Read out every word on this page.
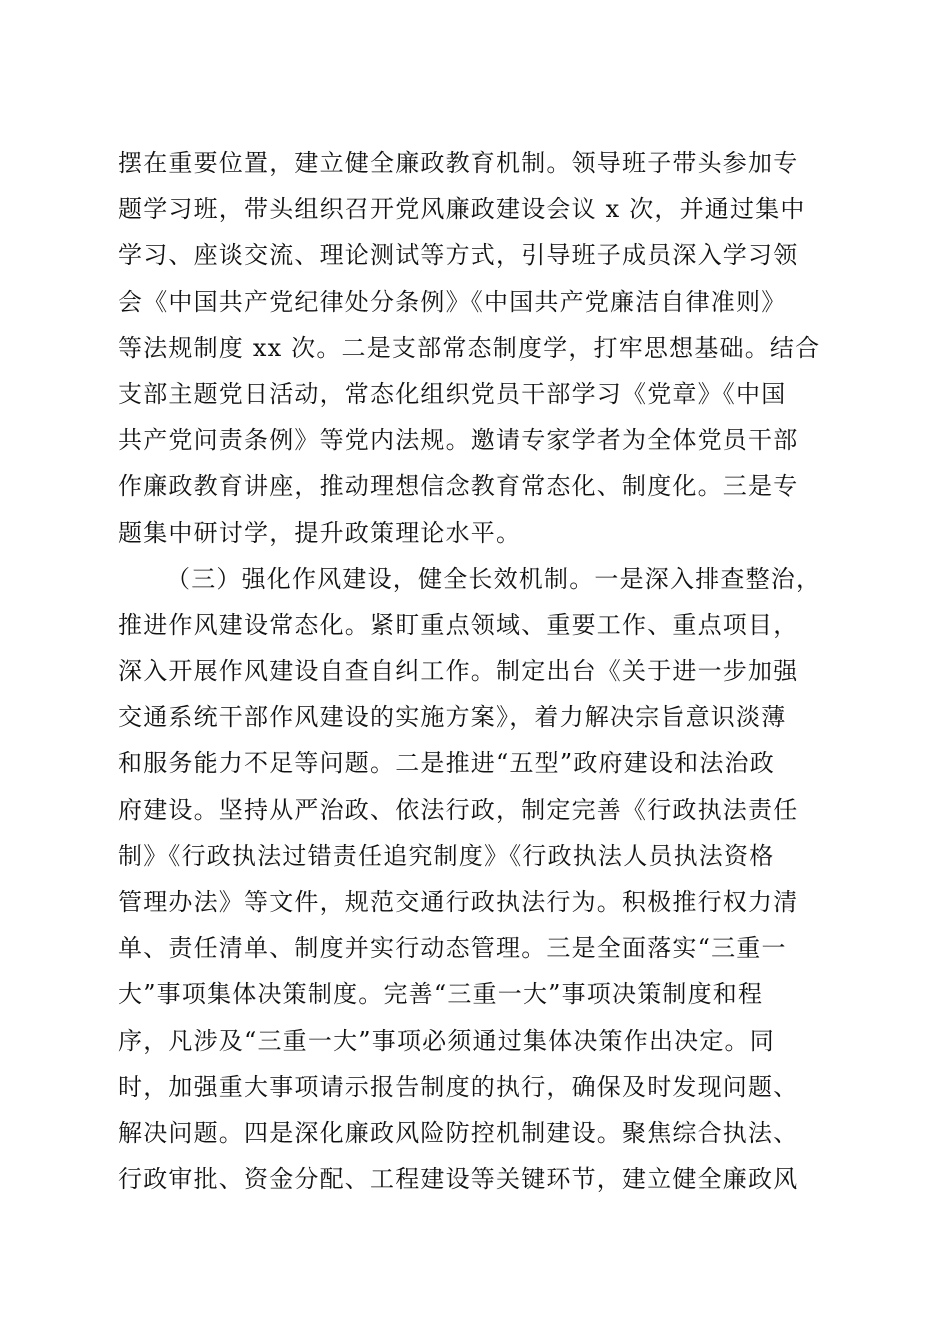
摆在重要位置，建立健全廉政教育机制。领导班子带头参加专
题学习班，带头组织召开党风廉政建设会议 x 次，并通过集中
学习、座谈交流、理论测试等方式，引导班子成员深入学习领
会《中国共产党纪律处分条例》《中国共产党廉洁自律准则》
等法规制度 xx 次。二是支部常态制度学，打牢思想基础。结合
支部主题党日活动，常态化组织党员干部学习《党章》《中国
共产党问责条例》等党内法规。邀请专家学者为全体党员干部
作廉政教育讲座，推动理想信念教育常态化、制度化。三是专
题集中研讨学，提升政策理论水平。
（三）强化作风建设，健全长效机制。一是深入排查整治，
推进作风建设常态化。紧盯重点领域、重要工作、重点项目，
深入开展作风建设自查自纠工作。制定出台《关于进一步加强
交通系统干部作风建设的实施方案》，着力解决宗旨意识淡薄
和服务能力不足等问题。二是推进“五型”政府建设和法治政
府建设。坚持从严治政、依法行政，制定完善《行政执法责任
制》《行政执法过错责任追究制度》《行政执法人员执法资格
管理办法》等文件，规范交通行政执法行为。积极推行权力清
单、责任清单、制度并实行动态管理。三是全面落实“三重一
大”事项集体决策制度。完善“三重一大”事项决策制度和程
序，凡涉及“三重一大”事项必须通过集体决策作出决定。同
时，加强重大事项请示报告制度的执行，确保及时发现问题、
解决问题。四是深化廉政风险防控机制建设。聚焦综合执法、
行政审批、资金分配、工程建设等关键环节，建立健全廉政风
